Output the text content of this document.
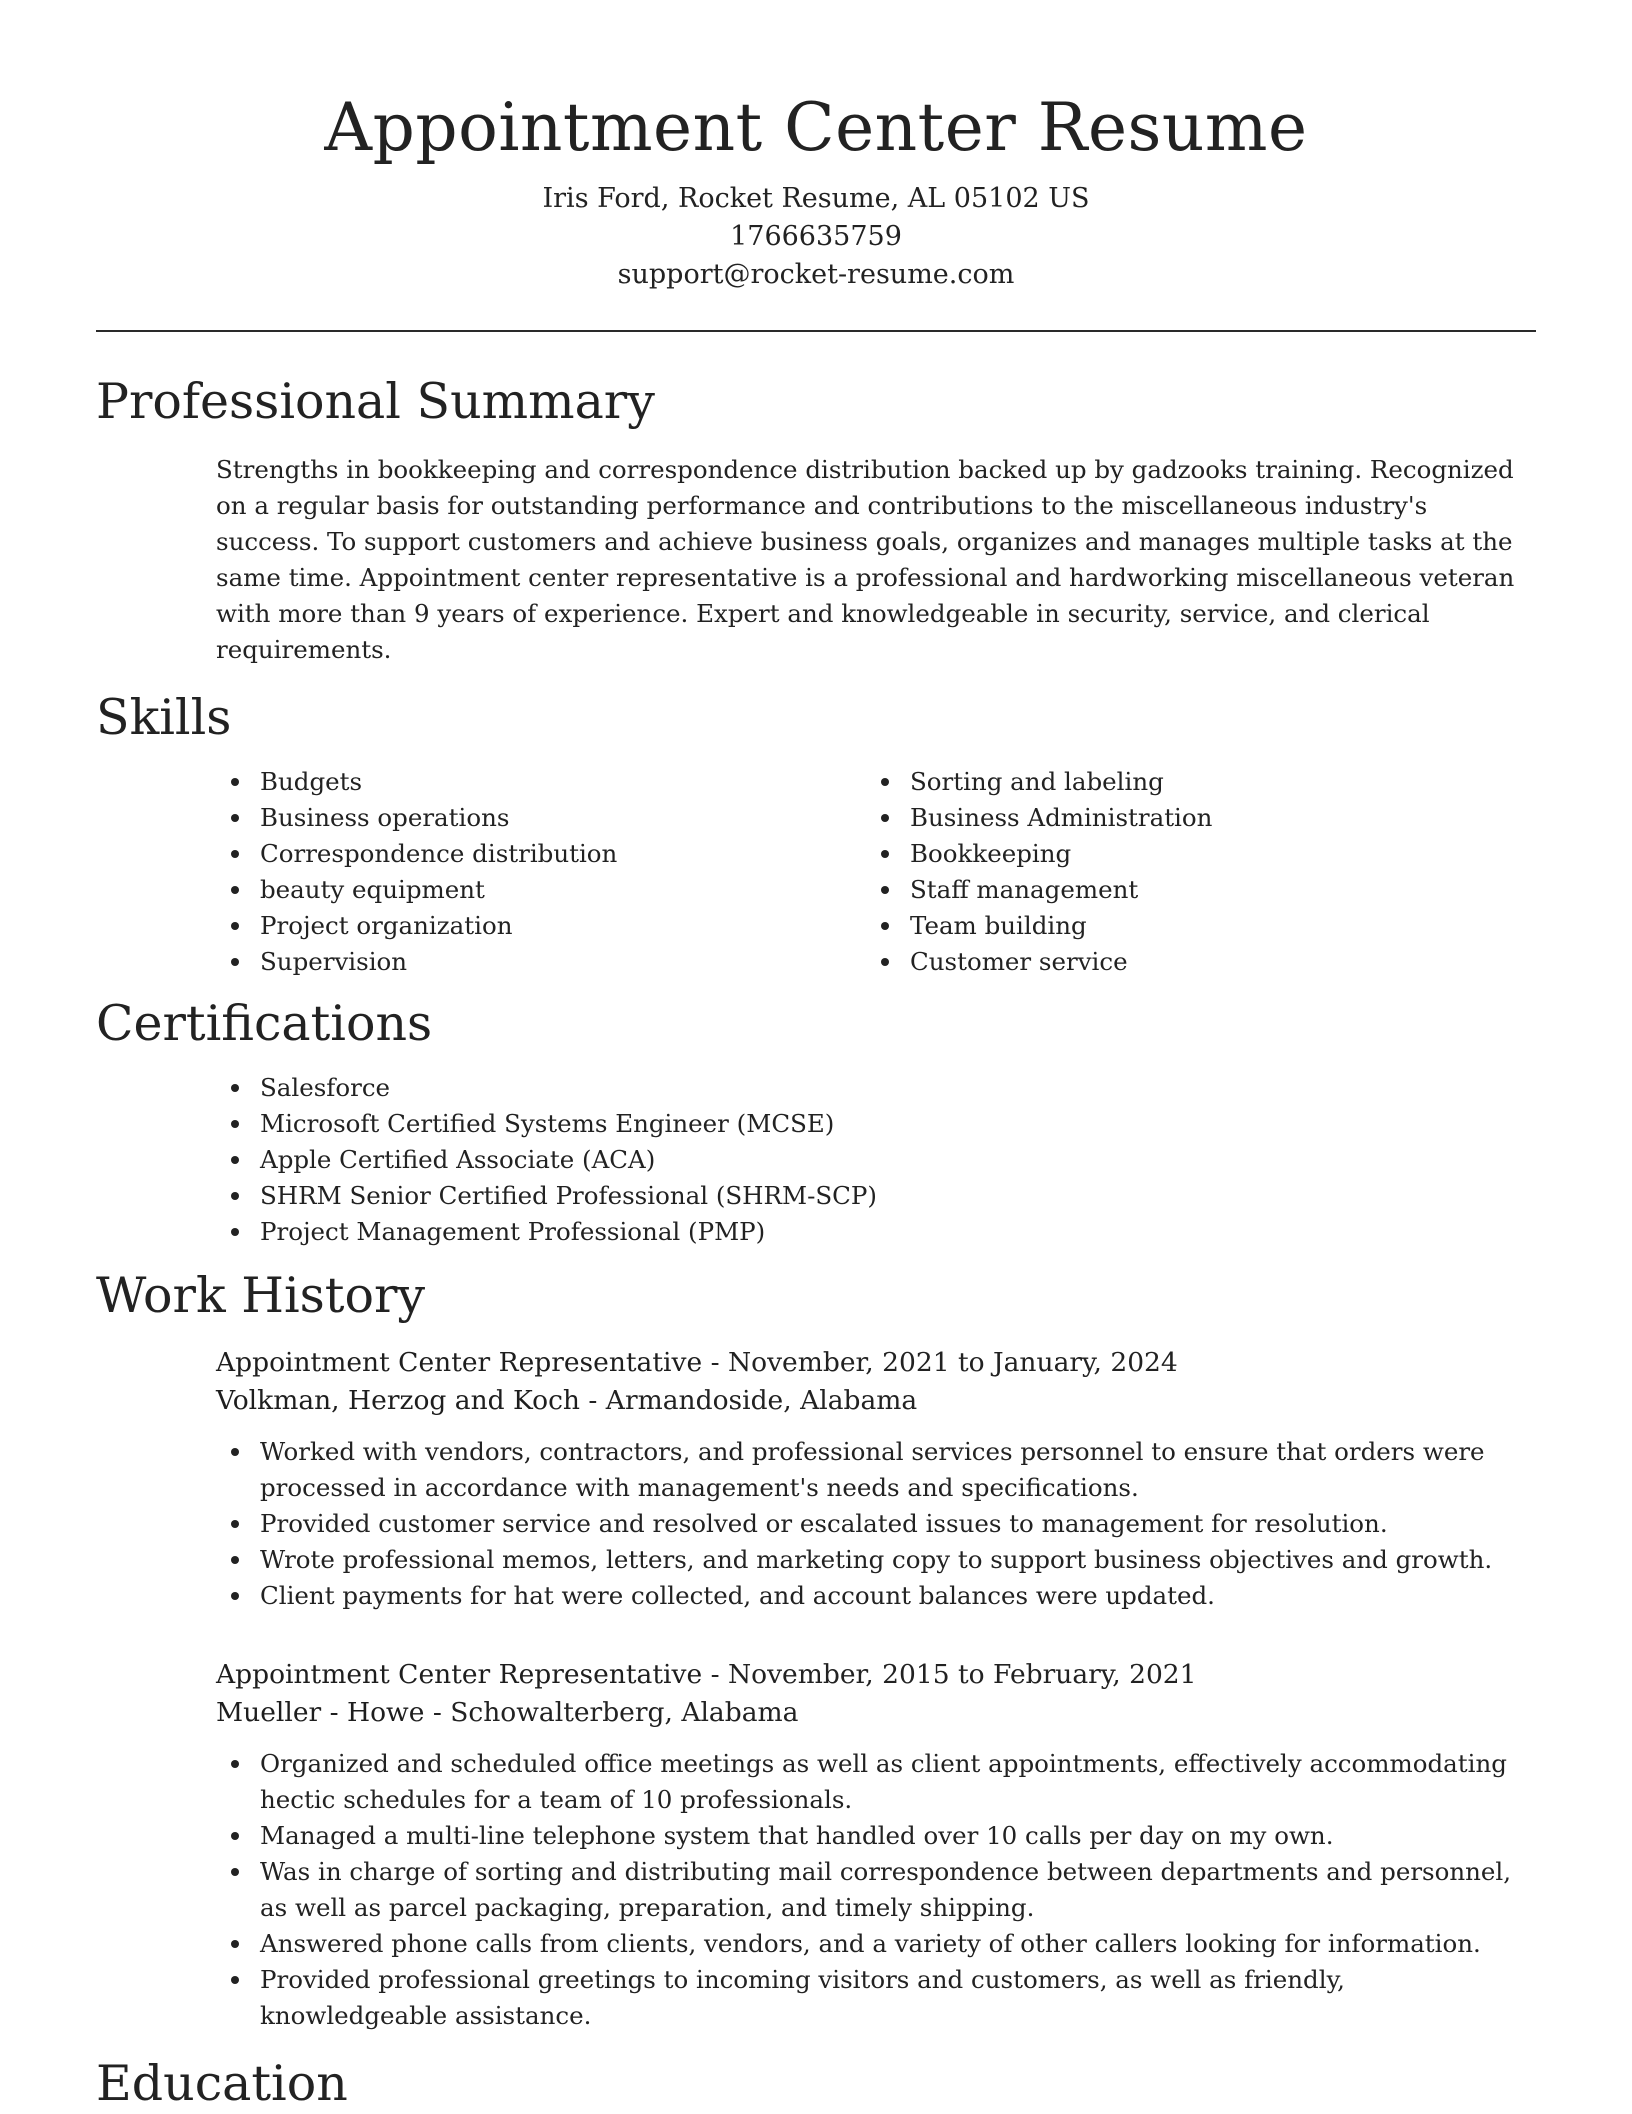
Appointment Center Resume
Iris Ford, Rocket Resume, AL 05102 US
1766635759
support@rocket-resume.com
Professional Summary

Strengths in bookkeeping and correspondence distribution backed up by gadzooks training. Recognized on a regular basis for outstanding performance and contributions to the miscellaneous industry's success. To support customers and achieve business goals, organizes and manages multiple tasks at the same time. Appointment center representative is a professional and hardworking miscellaneous veteran with more than 9 years of experience. Expert and knowledgeable in security, service, and clerical requirements.

Skills
Budgets
Business operations
Correspondence distribution
beauty equipment
Project organization
Supervision
Sorting and labeling
Business Administration
Bookkeeping
Staff management
Team building
Customer service
Certifications
Salesforce
Microsoft Certified Systems Engineer (MCSE)
Apple Certified Associate (ACA)
SHRM Senior Certified Professional (SHRM-SCP)
Project Management Professional (PMP)
Work History
Appointment Center Representative - November, 2021 to January, 2024
Volkman, Herzog and Koch - Armandoside, Alabama
Worked with vendors, contractors, and professional services personnel to ensure that orders were processed in accordance with management's needs and specifications.
Provided customer service and resolved or escalated issues to management for resolution.
Wrote professional memos, letters, and marketing copy to support business objectives and growth.
Client payments for hat were collected, and account balances were updated.
Appointment Center Representative - November, 2015 to February, 2021
Mueller - Howe - Schowalterberg, Alabama
Organized and scheduled office meetings as well as client appointments, effectively accommodating hectic schedules for a team of 10 professionals.
Managed a multi-line telephone system that handled over 10 calls per day on my own.
Was in charge of sorting and distributing mail correspondence between departments and personnel, as well as parcel packaging, preparation, and timely shipping.
Answered phone calls from clients, vendors, and a variety of other callers looking for information.
Provided professional greetings to incoming visitors and customers, as well as friendly, knowledgeable assistance.
Education
